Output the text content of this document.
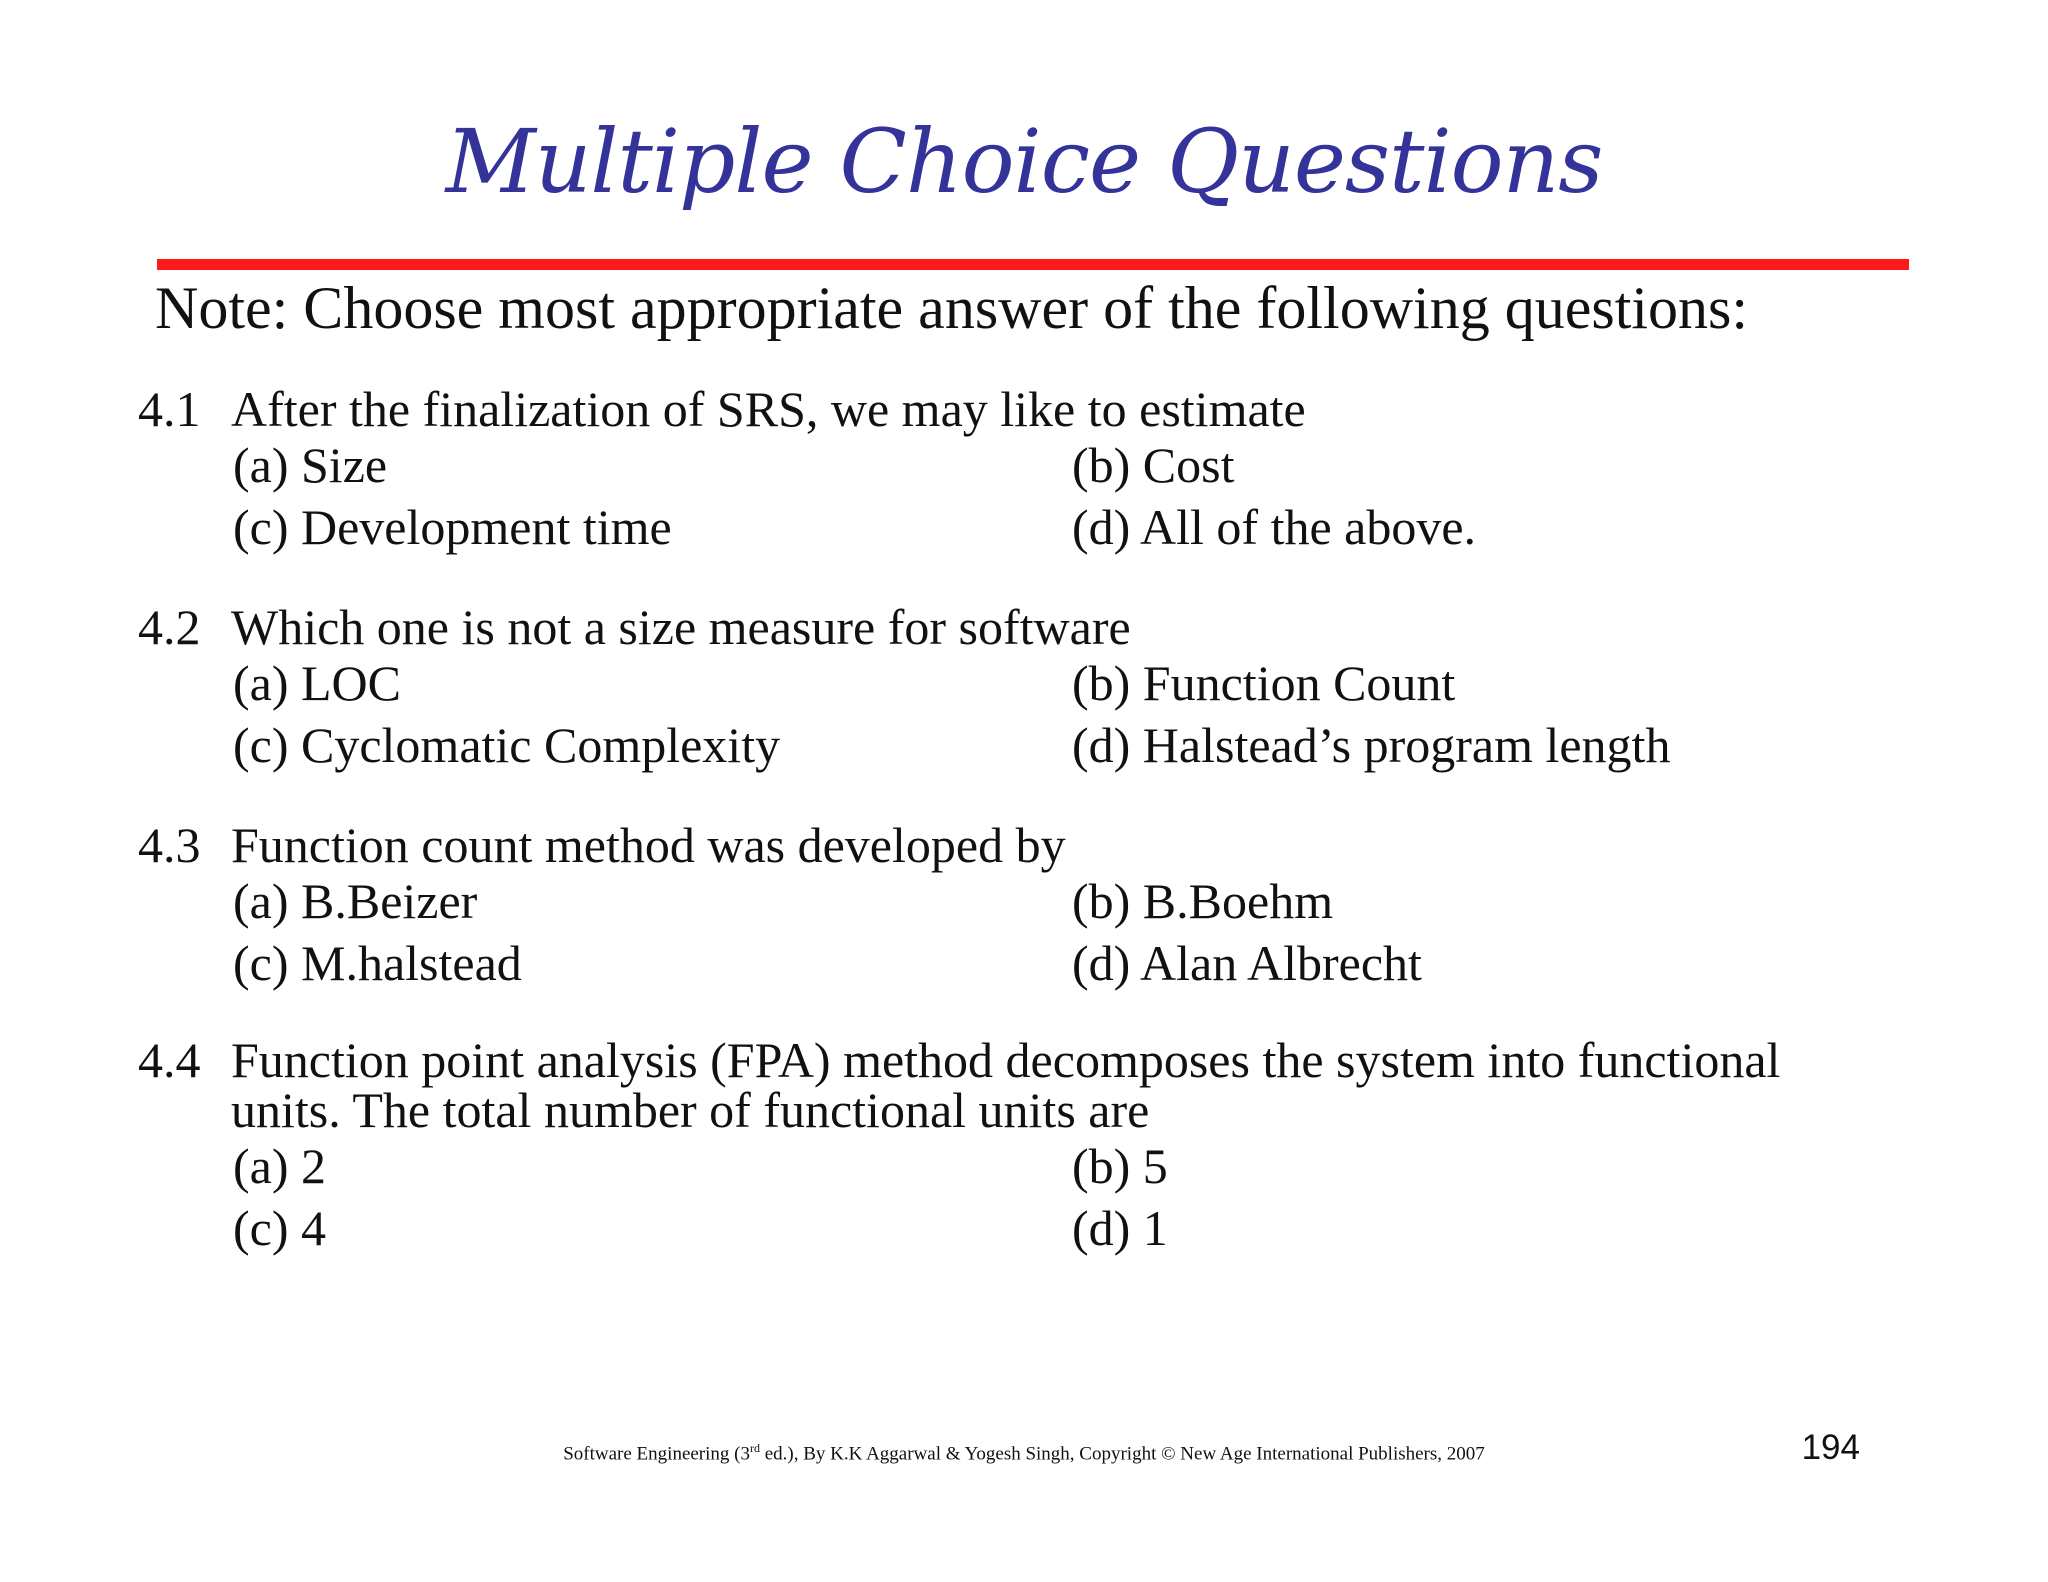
Multiple Choice Questions
Note: Choose most appropriate answer of the following questions:
4.1 After the finalization of SRS, we may like to estimate
(a) Size	(b) Cost
(c) Development time	(d) All of the above.
4.2 Which one is not a size measure for software
(a) LOC	(b) Function Count
(c) Cyclomatic Complexity	(d) Halstead’s program length
4.3 Function count method was developed by
(a) B.Beizer	(b) B.Boehm
(c) M.halstead	(d) Alan Albrecht
4.4 Function point analysis (FPA) method decomposes the system into functional
units. The total number of functional units are
(a) 2	(b) 5
(c) 4	(d) 1
Software Engineering (3rd ed.), By K.K Aggarwal & Yogesh Singh, Copyright © New Age International Publishers, 2007	194
